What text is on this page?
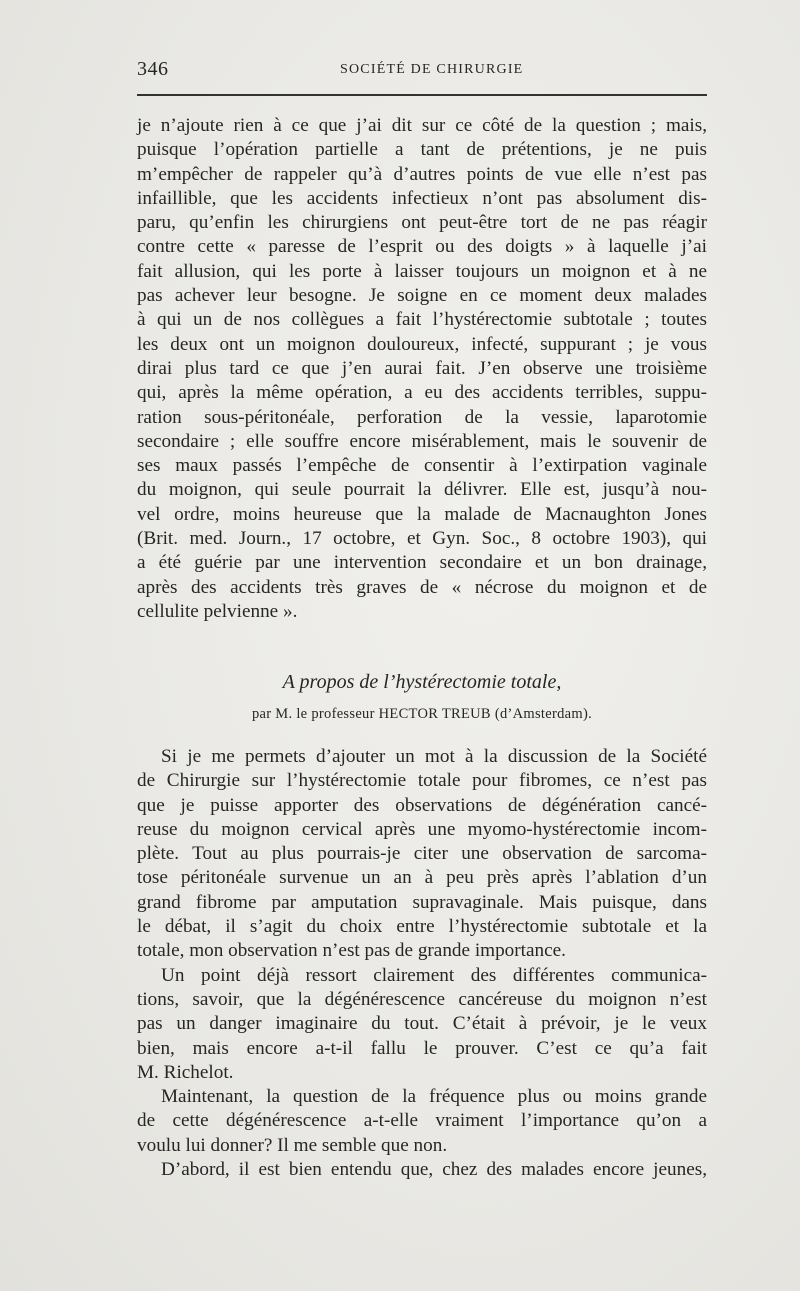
346	SOCIÉTÉ DE CHIRURGIE
je n’ajoute rien à ce que j’ai dit sur ce côté de la question ; mais,
puisque l’opération partielle a tant de prétentions, je ne puis
m’empêcher de rappeler qu’à d’autres points de vue elle n’est pas
infaillible, que les accidents infectieux n’ont pas absolument dis-
paru, qu’enfin les chirurgiens ont peut-être tort de ne pas réagir
contre cette « paresse de l’esprit ou des doigts » à laquelle j’ai
fait allusion, qui les porte à laisser toujours un moignon et à ne
pas achever leur besogne. Je soigne en ce moment deux malades
à qui un de nos collègues a fait l’hystérectomie subtotale ; toutes
les deux ont un moignon douloureux, infecté, suppurant ; je vous
dirai plus tard ce que j’en aurai fait. J’en observe une troisième
qui, après la même opération, a eu des accidents terribles, suppu-
ration sous-péritonéale, perforation de la vessie, laparotomie
secondaire ; elle souffre encore misérablement, mais le souvenir de
ses maux passés l’empêche de consentir à l’extirpation vaginale
du moignon, qui seule pourrait la délivrer. Elle est, jusqu’à nou-
vel ordre, moins heureuse que la malade de Macnaughton Jones
(Brit. med. Journ., 17 octobre, et Gyn. Soc., 8 octobre 1903), qui
a été guérie par une intervention secondaire et un bon drainage,
après des accidents très graves de « nécrose du moignon et de
cellulite pelvienne ».
A propos de l’hystérectomie totale,
par M. le professeur HECTOR TREUB (d’Amsterdam).
Si je me permets d’ajouter un mot à la discussion de la Société
de Chirurgie sur l’hystérectomie totale pour fibromes, ce n’est pas
que je puisse apporter des observations de dégénération cancé-
reuse du moignon cervical après une myomo-hystérectomie incom-
plète. Tout au plus pourrais-je citer une observation de sarcoma-
tose péritonéale survenue un an à peu près après l’ablation d’un
grand fibrome par amputation supravaginale. Mais puisque, dans
le débat, il s’agit du choix entre l’hystérectomie subtotale et la
totale, mon observation n’est pas de grande importance.
Un point déjà ressort clairement des différentes communica-
tions, savoir, que la dégénérescence cancéreuse du moignon n’est
pas un danger imaginaire du tout. C’était à prévoir, je le veux
bien, mais encore a-t-il fallu le prouver. C’est ce qu’a fait
M. Richelot.
Maintenant, la question de la fréquence plus ou moins grande
de cette dégénérescence a-t-elle vraiment l’importance qu’on a
voulu lui donner? Il me semble que non.
D’abord, il est bien entendu que, chez des malades encore jeunes,
